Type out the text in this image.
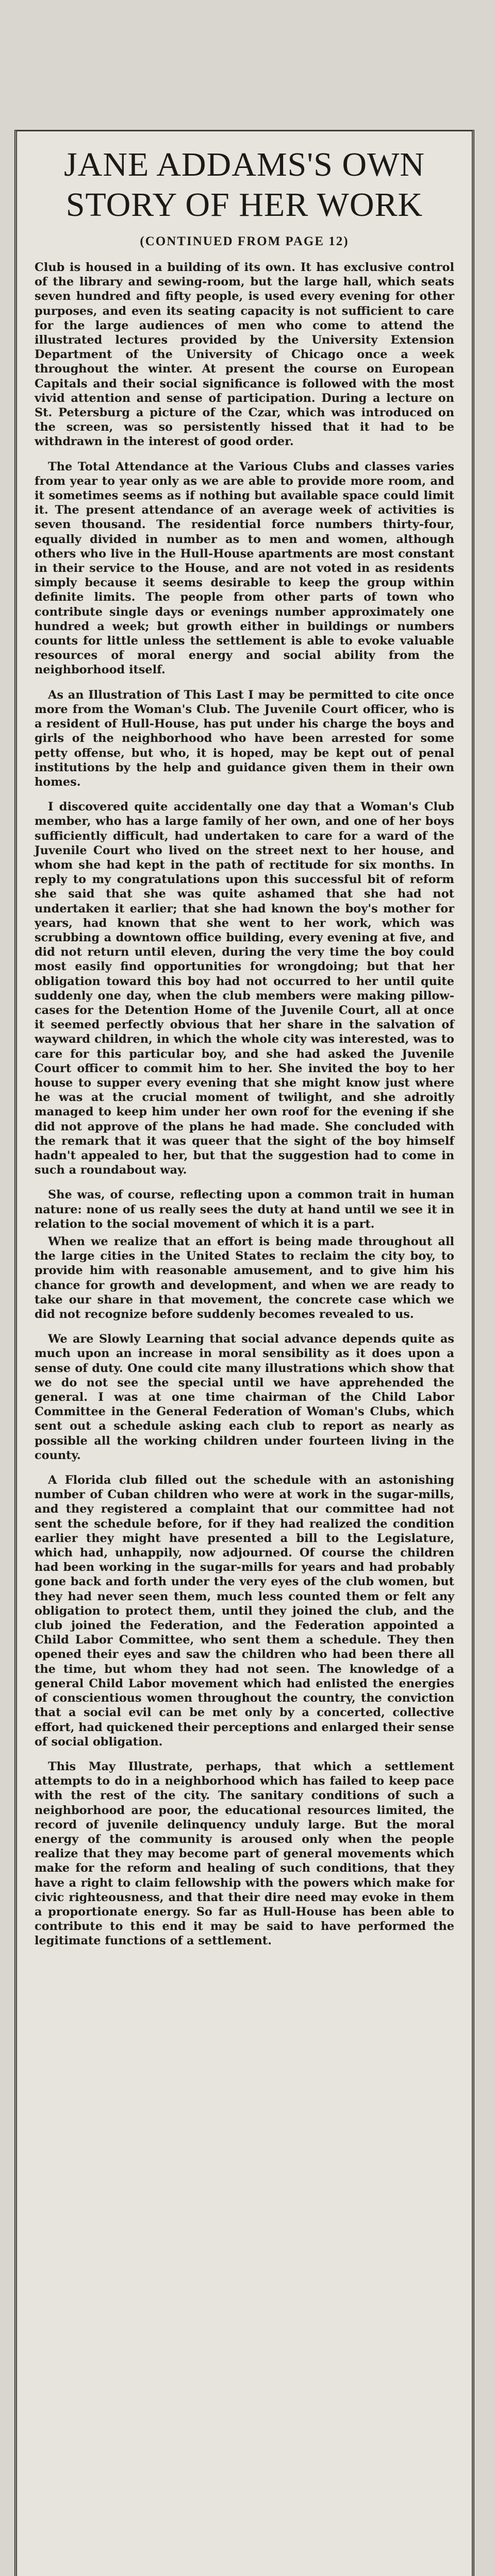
JANE ADDAMS'S OWN
STORY OF HER WORK
(CONTINUED FROM PAGE 12)

Club is housed in a building of its own. It has exclusive control of the library and sewing-room, but the large hall, which seats seven hundred and fifty people, is used every evening for other purposes, and even its seating capacity is not sufficient to care for the large audiences of men who come to attend the illustrated lectures provided by the University Extension Department of the University of Chicago once a week throughout the winter. At present the course on European Capitals and their social significance is followed with the most vivid attention and sense of participation. During a lecture on St. Petersburg a picture of the Czar, which was introduced on the screen, was so persistently hissed that it had to be withdrawn in the interest of good order.

The Total Attendance at the Various Clubs and classes varies from year to year only as we are able to provide more room, and it sometimes seems as if nothing but available space could limit it. The present attendance of an average week of activities is seven thousand. The residential force numbers thirty-four, equally divided in number as to men and women, although others who live in the Hull-House apartments are most constant in their service to the House, and are not voted in as residents simply because it seems desirable to keep the group within definite limits. The people from other parts of town who contribute single days or evenings number approximately one hundred a week; but growth either in buildings or numbers counts for little unless the settlement is able to evoke valuable resources of moral energy and social ability from the neighborhood itself.

As an Illustration of This Last I may be permitted to cite once more from the Woman's Club. The Juvenile Court officer, who is a resident of Hull-House, has put under his charge the boys and girls of the neighborhood who have been arrested for some petty offense, but who, it is hoped, may be kept out of penal institutions by the help and guidance given them in their own homes.

I discovered quite accidentally one day that a Woman's Club member, who has a large family of her own, and one of her boys sufficiently difficult, had undertaken to care for a ward of the Juvenile Court who lived on the street next to her house, and whom she had kept in the path of rectitude for six months. In reply to my congratulations upon this successful bit of reform she said that she was quite ashamed that she had not undertaken it earlier; that she had known the boy's mother for years, had known that she went to her work, which was scrubbing a downtown office building, every evening at five, and did not return until eleven, during the very time the boy could most easily find opportunities for wrongdoing; but that her obligation toward this boy had not occurred to her until quite suddenly one day, when the club members were making pillow-cases for the Detention Home of the Juvenile Court, all at once it seemed perfectly obvious that her share in the salvation of wayward children, in which the whole city was interested, was to care for this particular boy, and she had asked the Juvenile Court officer to commit him to her. She invited the boy to her house to supper every evening that she might know just where he was at the crucial moment of twilight, and she adroitly managed to keep him under her own roof for the evening if she did not approve of the plans he had made. She concluded with the remark that it was queer that the sight of the boy himself hadn't appealed to her, but that the suggestion had to come in such a roundabout way.

She was, of course, reflecting upon a common trait in human nature: none of us really sees the duty at hand until we see it in relation to the social movement of which it is a part.

When we realize that an effort is being made throughout all the large cities in the United States to reclaim the city boy, to provide him with reasonable amusement, and to give him his chance for growth and development, and when we are ready to take our share in that movement, the concrete case which we did not recognize before suddenly becomes revealed to us.

We are Slowly Learning that social advance depends quite as much upon an increase in moral sensibility as it does upon a sense of duty. One could cite many illustrations which show that we do not see the special until we have apprehended the general. I was at one time chairman of the Child Labor Committee in the General Federation of Woman's Clubs, which sent out a schedule asking each club to report as nearly as possible all the working children under fourteen living in the county.

A Florida club filled out the schedule with an astonishing number of Cuban children who were at work in the sugar-mills, and they registered a complaint that our committee had not sent the schedule before, for if they had realized the condition earlier they might have presented a bill to the Legislature, which had, unhappily, now adjourned. Of course the children had been working in the sugar-mills for years and had probably gone back and forth under the very eyes of the club women, but they had never seen them, much less counted them or felt any obligation to protect them, until they joined the club, and the club joined the Federation, and the Federation appointed a Child Labor Committee, who sent them a schedule. They then opened their eyes and saw the children who had been there all the time, but whom they had not seen. The knowledge of a general Child Labor movement which had enlisted the energies of conscientious women throughout the country, the conviction that a social evil can be met only by a concerted, collective effort, had quickened their perceptions and enlarged their sense of social obligation.

This May Illustrate, perhaps, that which a settlement attempts to do in a neighborhood which has failed to keep pace with the rest of the city. The sanitary conditions of such a neighborhood are poor, the educational resources limited, the record of juvenile delinquency unduly large. But the moral energy of the community is aroused only when the people realize that they may become part of general movements which make for the reform and healing of such conditions, that they have a right to claim fellowship with the powers which make for civic righteousness, and that their dire need may evoke in them a proportionate energy. So far as Hull-House has been able to contribute to this end it may be said to have performed the legitimate functions of a settlement.
